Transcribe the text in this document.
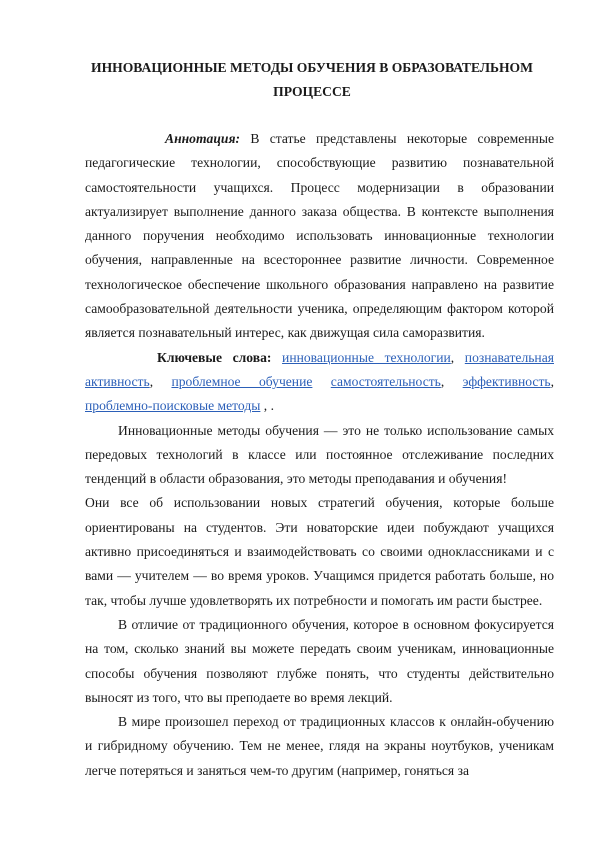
ИННОВАЦИОННЫЕ МЕТОДЫ ОБУЧЕНИЯ В ОБРАЗОВАТЕЛЬНОМ
ПРОЦЕССЕ

Аннотация: В статье представлены некоторые современные педагогические технологии, способствующие развитию познавательной самостоятельности учащихся. Процесс модернизации в образовании актуализирует выполнение данного заказа общества. В контексте выполнения данного поручения необходимо использовать инновационные технологии обучения, направленные на всестороннее развитие личности. Современное технологическое обеспечение школьного образования направлено на развитие самообразовательной деятельности ученика, определяющим фактором которой является познавательный интерес, как движущая сила саморазвития.

Ключевые слова: инновационные технологии, познавательная активность, проблемное обучение самостоятельность, эффективность, проблемно-поисковые методы , .

Инновационные методы обучения — это не только использование самых передовых технологий в классе или постоянное отслеживание последних тенденций в области образования, это методы преподавания и обучения!

Они все об использовании новых стратегий обучения, которые больше ориентированы на студентов. Эти новаторские идеи побуждают учащихся активно присоединяться и взаимодействовать со своими одноклассниками и с вами — учителем — во время уроков. Учащимся придется работать больше, но так, чтобы лучше удовлетворять их потребности и помогать им расти быстрее.

В отличие от традиционного обучения, которое в основном фокусируется на том, сколько знаний вы можете передать своим ученикам, инновационные способы обучения позволяют глубже понять, что студенты действительно выносят из того, что вы преподаете во время лекций.

В мире произошел переход от традиционных классов к онлайн-обучению и гибридному обучению. Тем не менее, глядя на экраны ноутбуков, ученикам легче потеряться и заняться чем-то другим (например, гоняться за
